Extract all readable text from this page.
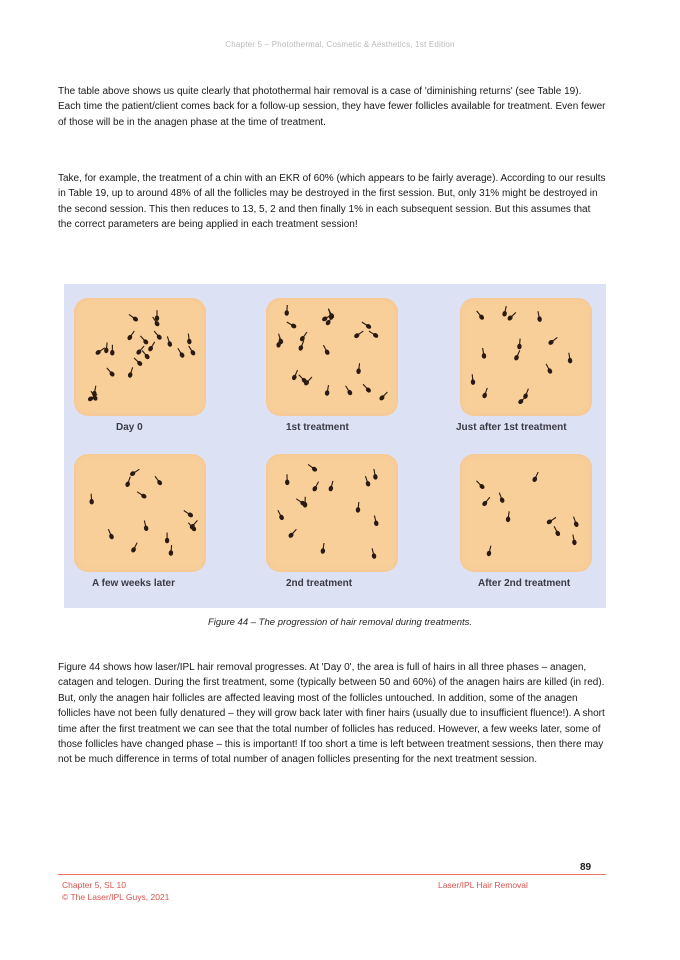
Chapter 5 – Photothermal, Cosmetic & Aesthetics, 1st Edition

The table above shows us quite clearly that photothermal hair removal is a case of 'diminishing returns' (see Table 19). Each time the patient/client comes back for a follow-up session, they have fewer follicles available for treatment. Even fewer of those will be in the anagen phase at the time of treatment.

Take, for example, the treatment of a chin with an EKR of 60% (which appears to be fairly average). According to our results in Table 19, up to around 48% of all the follicles may be destroyed in the first session. But, only 31% might be destroyed in the second session. This then reduces to 13, 5, 2 and then finally 1% in each subsequent session. But this assumes that the correct parameters are being applied in each treatment session!

Day 0	1st treatment	Just after 1st treatment
A few weeks later	2nd treatment	After 2nd treatment
Figure 44 – The progression of hair removal during treatments.

Figure 44 shows how laser/IPL hair removal progresses. At 'Day 0', the area is full of hairs in all three phases – anagen, catagen and telogen. During the first treatment, some (typically between 50 and 60%) of the anagen hairs are killed (in red). But, only the anagen hair follicles are affected leaving most of the follicles untouched. In addition, some of the anagen follicles have not been fully denatured – they will grow back later with finer hairs (usually due to insufficient fluence!). A short time after the first treatment we can see that the total number of follicles has reduced. However, a few weeks later, some of those follicles have changed phase – this is important! If too short a time is left between treatment sessions, then there may not be much difference in terms of total number of anagen follicles presenting for the next treatment session.

89
Chapter 5, SL 10	Laser/IPL Hair Removal
© The Laser/IPL Guys, 2021
